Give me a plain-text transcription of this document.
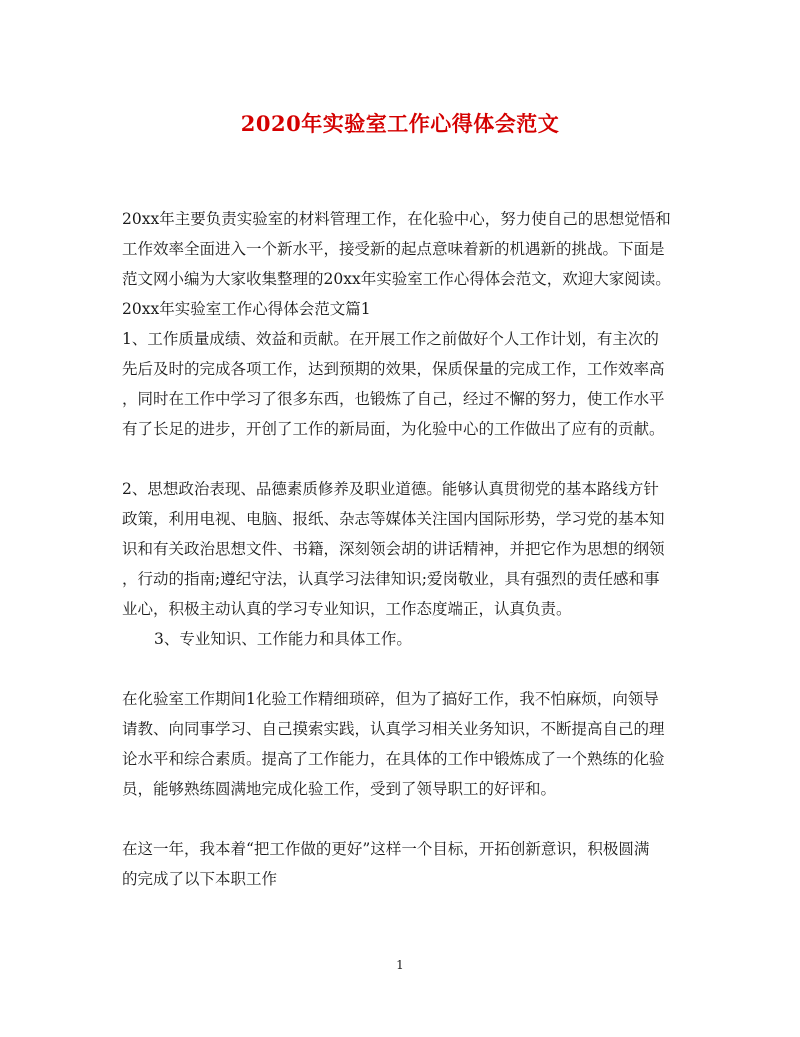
2020年实验室工作心得体会范文
20xx年主要负责实验室的材料管理工作，在化验中心，努力使自己的思想觉悟和
工作效率全面进入一个新水平，接受新的起点意味着新的机遇新的挑战。下面是
范文网小编为大家收集整理的20xx年实验室工作心得体会范文，欢迎大家阅读。
20xx年实验室工作心得体会范文篇1
1、工作质量成绩、效益和贡献。在开展工作之前做好个人工作计划，有主次的
先后及时的完成各项工作，达到预期的效果，保质保量的完成工作，工作效率高
，同时在工作中学习了很多东西，也锻炼了自己，经过不懈的努力，使工作水平
有了长足的进步，开创了工作的新局面，为化验中心的工作做出了应有的贡献。
2、思想政治表现、品德素质修养及职业道德。能够认真贯彻党的基本路线方针
政策，利用电视、电脑、报纸、杂志等媒体关注国内国际形势，学习党的基本知
识和有关政治思想文件、书籍，深刻领会胡的讲话精神，并把它作为思想的纲领
，行动的指南;遵纪守法，认真学习法律知识;爱岗敬业，具有强烈的责任感和事
业心，积极主动认真的学习专业知识，工作态度端正，认真负责。
3、专业知识、工作能力和具体工作。
在化验室工作期间1化验工作精细琐碎，但为了搞好工作，我不怕麻烦，向领导
请教、向同事学习、自己摸索实践，认真学习相关业务知识，不断提高自己的理
论水平和综合素质。提高了工作能力，在具体的工作中锻炼成了一个熟练的化验
员，能够熟练圆满地完成化验工作，受到了领导职工的好评和。
在这一年，我本着“把工作做的更好”这样一个目标，开拓创新意识，积极圆满
的完成了以下本职工作
1
